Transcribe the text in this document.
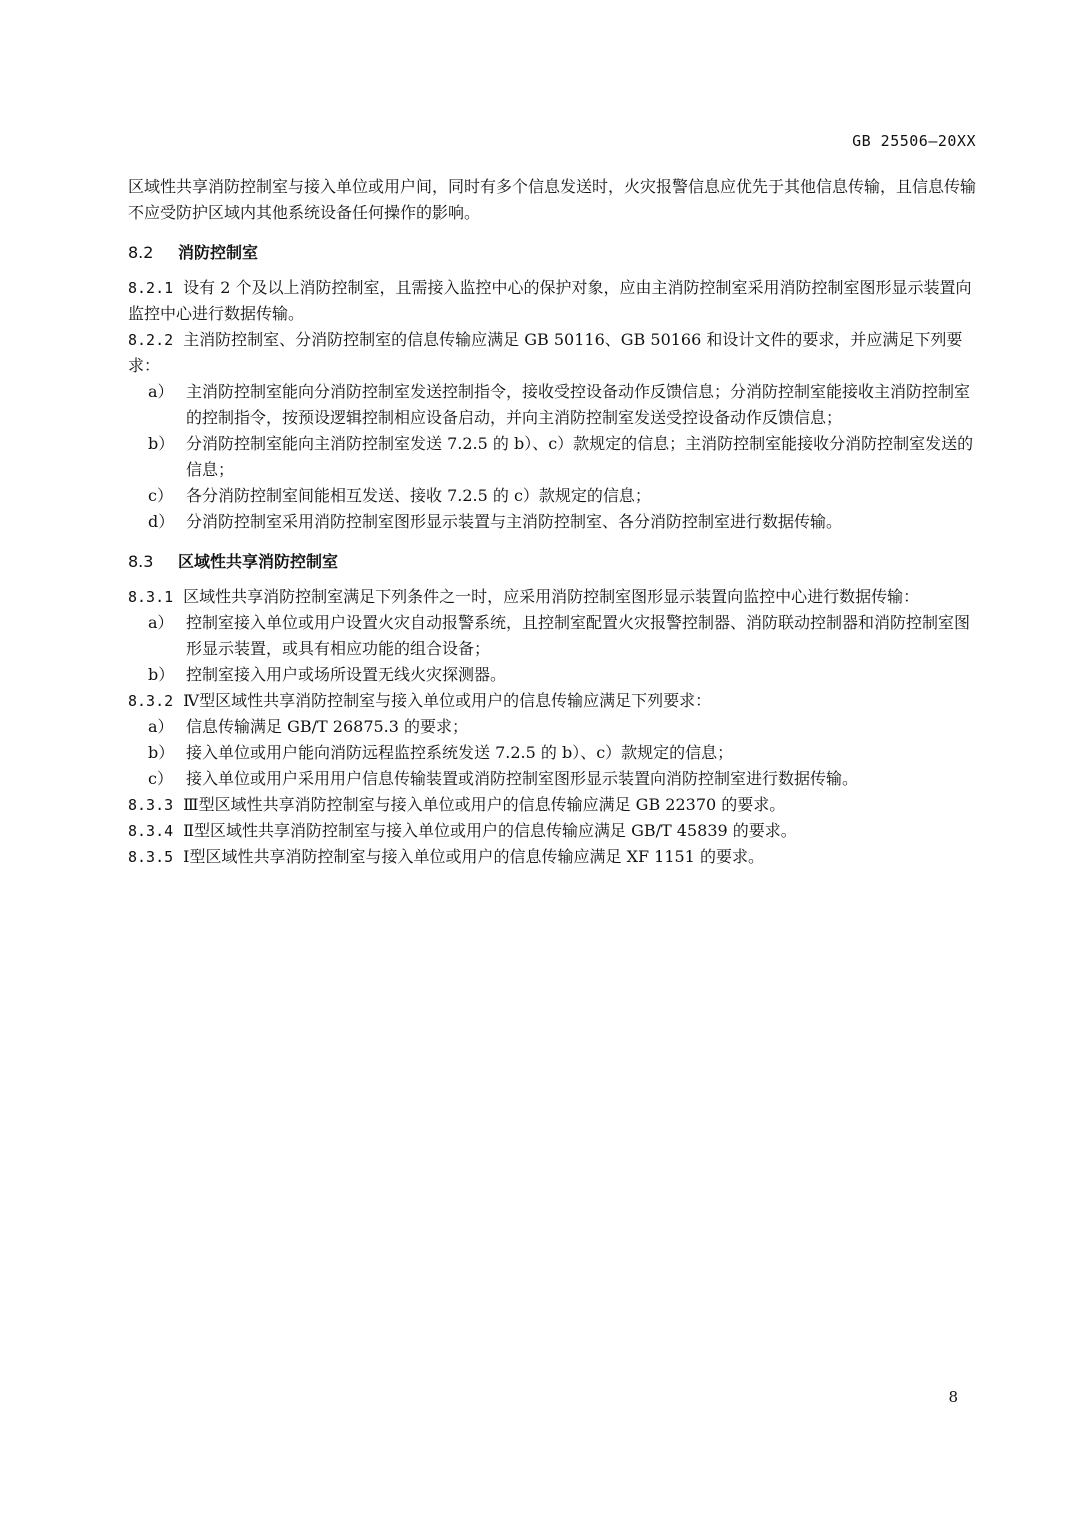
GB 25506—20XX

区域性共享消防控制室与接入单位或用户间，同时有多个信息发送时，火灾报警信息应优先于其他信息传输，且信息传输不应受防护区域内其他系统设备任何操作的影响。

8.2 消防控制室

8.2.1 设有 2 个及以上消防控制室，且需接入监控中心的保护对象，应由主消防控制室采用消防控制室图形显示装置向监控中心进行数据传输。

8.2.2 主消防控制室、分消防控制室的信息传输应满足 GB 50116、GB 50166 和设计文件的要求，并应满足下列要求：

a） 主消防控制室能向分消防控制室发送控制指令，接收受控设备动作反馈信息；分消防控制室能接收主消防控制室的控制指令，按预设逻辑控制相应设备启动，并向主消防控制室发送受控设备动作反馈信息；

b） 分消防控制室能向主消防控制室发送 7.2.5 的 b）、c）款规定的信息；主消防控制室能接收分消防控制室发送的信息；

c） 各分消防控制室间能相互发送、接收 7.2.5 的 c）款规定的信息；

d） 分消防控制室采用消防控制室图形显示装置与主消防控制室、各分消防控制室进行数据传输。

8.3 区域性共享消防控制室

8.3.1 区域性共享消防控制室满足下列条件之一时，应采用消防控制室图形显示装置向监控中心进行数据传输：

a） 控制室接入单位或用户设置火灾自动报警系统，且控制室配置火灾报警控制器、消防联动控制器和消防控制室图形显示装置，或具有相应功能的组合设备；

b） 控制室接入用户或场所设置无线火灾探测器。

8.3.2 Ⅳ型区域性共享消防控制室与接入单位或用户的信息传输应满足下列要求：

a） 信息传输满足 GB/T 26875.3 的要求；

b） 接入单位或用户能向消防远程监控系统发送 7.2.5 的 b）、c）款规定的信息；

c） 接入单位或用户采用用户信息传输装置或消防控制室图形显示装置向消防控制室进行数据传输。

8.3.3 Ⅲ型区域性共享消防控制室与接入单位或用户的信息传输应满足 GB 22370 的要求。

8.3.4 Ⅱ型区域性共享消防控制室与接入单位或用户的信息传输应满足 GB/T 45839 的要求。

8.3.5 Ⅰ型区域性共享消防控制室与接入单位或用户的信息传输应满足 XF 1151 的要求。

8
